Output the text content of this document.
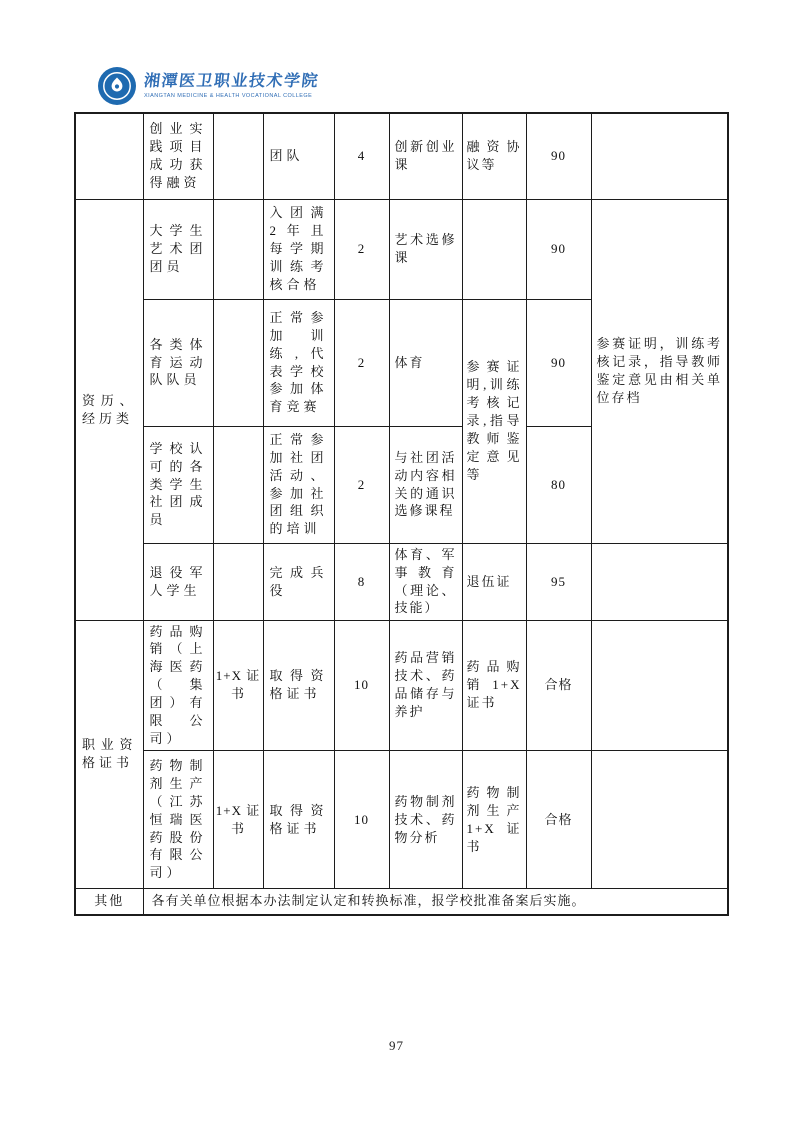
湘潭医卫职业技术学院
XIANGTAN MEDICINE & HEALTH VOCATIONAL COLLEGE
	创业实践项目成功获得融资		团队	4	创新创业课	融资协议等	90	
资历、经历类	大学生艺术团团员		入团满2年且每学期训练考核合格	2	艺术选修课		90	参赛证明，训练考核记录，指导教师鉴定意见由相关单位存档
	各类体育运动队队员		正常参加训练,代表学校参加体育竞赛	2	体育	参赛证明,训练考核记录,指导教师鉴定意见等	90	
	学校认可的各类学生社团成员		正常参加社团活动、参加社团组织的培训	2	与社团活动内容相关的通识选修课程		80	
	退役军人学生		完成兵役	8	体育、军事教育（理论、技能）	退伍证	95	
职业资格证书	药品购销（上海医药（集团）有限公司）	1+X 证书	取得资格证书	10	药品营销技术、药品储存与养护	药品购销 1+X 证书	合格	
	药物制剂生产（江苏恒瑞医药股份有限公司）	1+X 证书	取得资格证书	10	药物制剂技术、药物分析	药物制剂生产 1+X 证书	合格	
其他	各有关单位根据本办法制定认定和转换标准，报学校批准备案后实施。							
97
